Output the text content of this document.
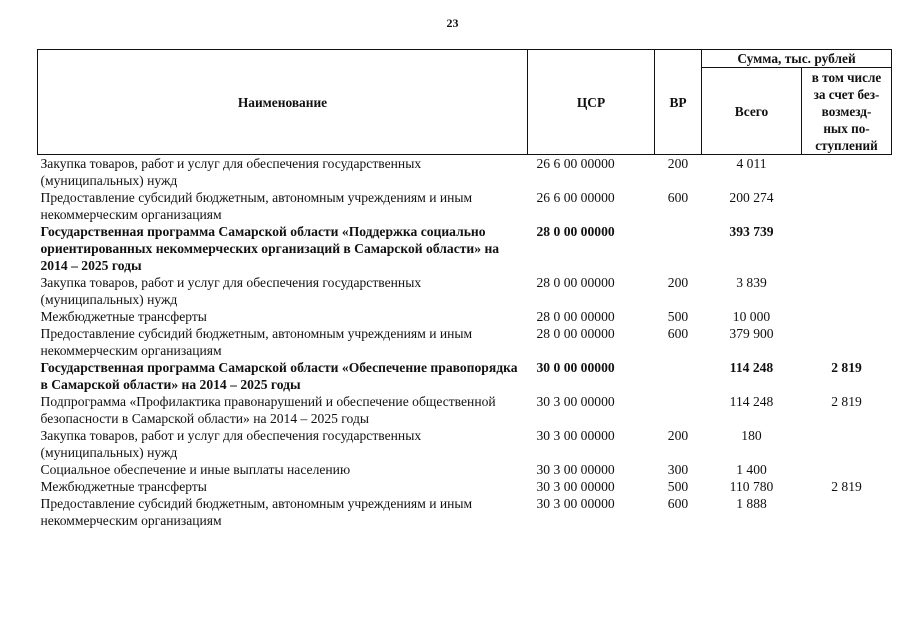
23
Наименование	ЦСР	ВР	Сумма, тыс. рублей	
			Всего	в том числе
за счет без-
возмезд-
ных по-
ступлений

Закупка товаров, работ и услуг для обеспечения государственных (муниципальных) нужд	26 6 00 00000	200	4 011	
Предоставление субсидий бюджетным, автономным учреждениям и иным некоммерческим организациям	26 6 00 00000	600	200 274	
Государственная программа Самарской области «Поддержка социально ориентированных некоммерческих организаций в Самарской области» на 2014 – 2025 годы	28 0 00 00000		393 739	
Закупка товаров, работ и услуг для обеспечения государственных (муниципальных) нужд	28 0 00 00000	200	3 839	
Межбюджетные трансферты	28 0 00 00000	500	10 000	
Предоставление субсидий бюджетным, автономным учреждениям и иным некоммерческим организациям	28 0 00 00000	600	379 900	
Государственная программа Самарской области «Обеспечение правопорядка в Самарской области» на 2014 – 2025 годы	30 0 00 00000		114 248	2 819
Подпрограмма «Профилактика правонарушений и обеспечение общественной безопасности в Самарской области» на 2014 – 2025 годы	30 3 00 00000		114 248	2 819
Закупка товаров, работ и услуг для обеспечения государственных (муниципальных) нужд	30 3 00 00000	200	180	
Социальное обеспечение и иные выплаты населению	30 3 00 00000	300	1 400	
Межбюджетные трансферты	30 3 00 00000	500	110 780	2 819
Предоставление субсидий бюджетным, автономным учреждениям и иным некоммерческим организациям	30 3 00 00000	600	1 888	
